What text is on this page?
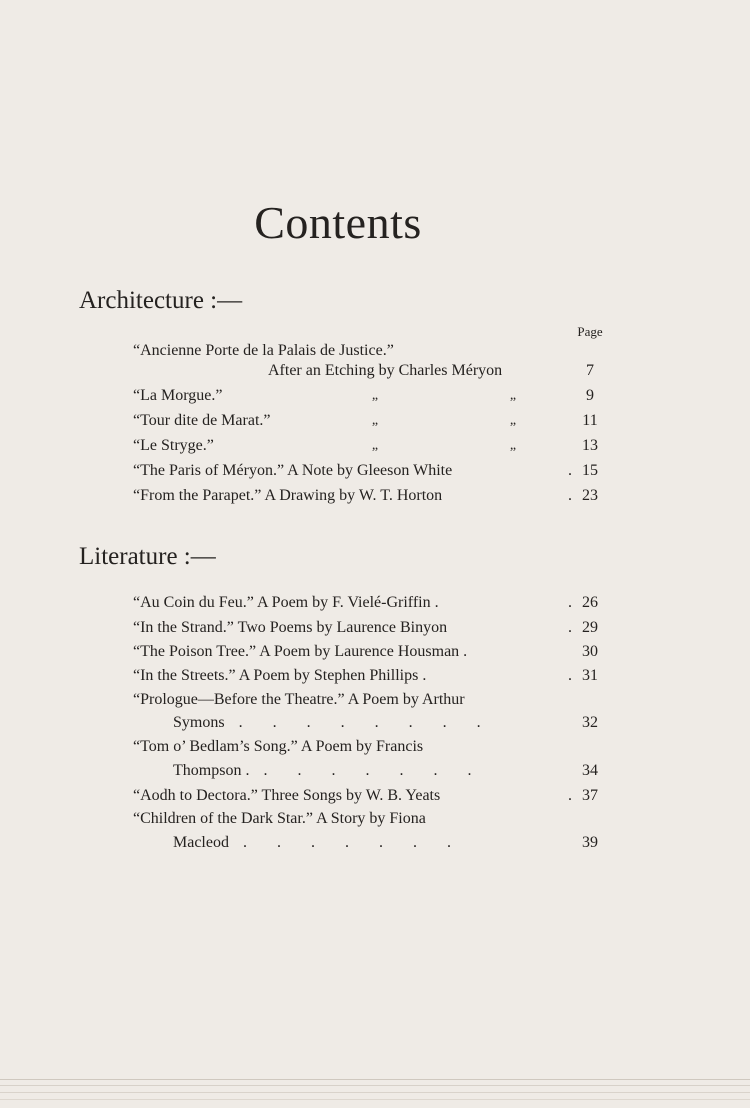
Contents
Architecture :—
Page
“Ancienne Porte de la Palais de Justice.”
After an Etching by Charles Méryon	7
“La Morgue.”	„	„	9
“Tour dite de Marat.”	„	„	11
“Le Stryge.”	„	„	13
“The Paris of Méryon.” A Note by Gleeson White	. 15
“From the Parapet.” A Drawing by W. T. Horton	. 23
Literature :—
“Au Coin du Feu.” A Poem by F. Vielé-Griffin .	. 26
“In the Strand.” Two Poems by Laurence Binyon	. 29
“The Poison Tree.” A Poem by Laurence Housman .	30
“In the Streets.” A Poem by Stephen Phillips .	. 31
“Prologue—Before the Theatre.” A Poem by Arthur
Symons ........	32
“Tom o’ Bedlam’s Song.” A Poem by Francis
Thompson . .......	34
“Aodh to Dectora.” Three Songs by W. B. Yeats	. 37
“Children of the Dark Star.” A Story by Fiona
Macleod .......	39
